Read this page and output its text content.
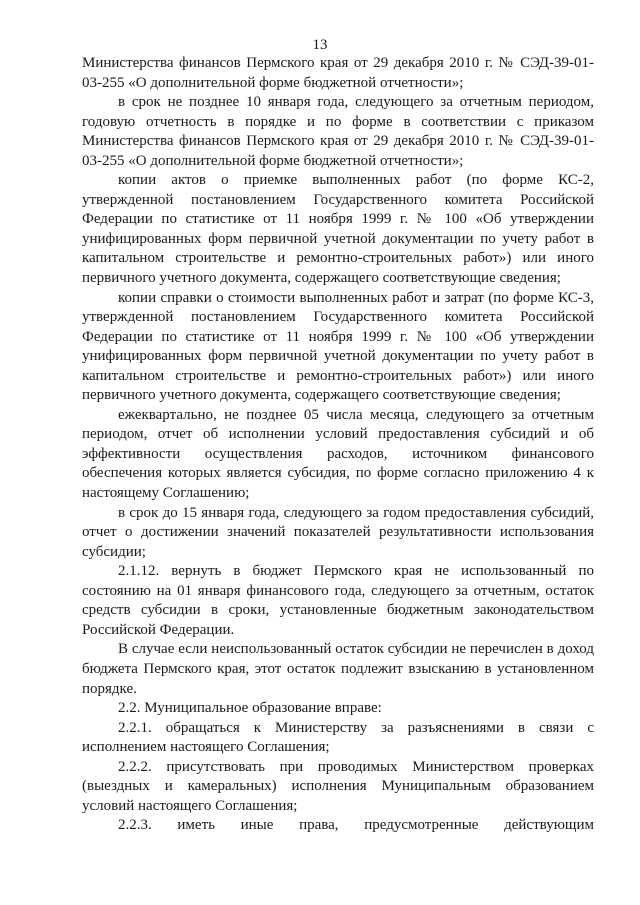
13

Министерства финансов Пермского края от 29 декабря 2010 г. № СЭД-39-01-03-255 «О дополнительной форме бюджетной отчетности»;

в срок не позднее 10 января года, следующего за отчетным периодом, годовую отчетность в порядке и по форме в соответствии с приказом Министерства финансов Пермского края от 29 декабря 2010 г. № СЭД-39-01-03-255 «О дополнительной форме бюджетной отчетности»;

копии актов о приемке выполненных работ (по форме КС-2, утвержденной постановлением Государственного комитета Российской Федерации по статистике от 11 ноября 1999 г. № 100 «Об утверждении унифицированных форм первичной учетной документации по учету работ в капитальном строительстве и ремонтно-строительных работ») или иного первичного учетного документа, содержащего соответствующие сведения;

копии справки о стоимости выполненных работ и затрат (по форме КС-3, утвержденной постановлением Государственного комитета Российской Федерации по статистике от 11 ноября 1999 г. № 100 «Об утверждении унифицированных форм первичной учетной документации по учету работ в капитальном строительстве и ремонтно-строительных работ») или иного первичного учетного документа, содержащего соответствующие сведения;

ежеквартально, не позднее 05 числа месяца, следующего за отчетным периодом, отчет об исполнении условий предоставления субсидий и об эффективности осуществления расходов, источником финансового обеспечения которых является субсидия, по форме согласно приложению 4 к настоящему Соглашению;

в срок до 15 января года, следующего за годом предоставления субсидий, отчет о достижении значений показателей результативности использования субсидии;

2.1.12. вернуть в бюджет Пермского края не использованный по состоянию на 01 января финансового года, следующего за отчетным, остаток средств субсидии в сроки, установленные бюджетным законодательством Российской Федерации.

В случае если неиспользованный остаток субсидии не перечислен в доход бюджета Пермского края, этот остаток подлежит взысканию в установленном порядке.

2.2. Муниципальное образование вправе:

2.2.1. обращаться к Министерству за разъяснениями в связи с исполнением настоящего Соглашения;

2.2.2. присутствовать при проводимых Министерством проверках (выездных и камеральных) исполнения Муниципальным образованием условий настоящего Соглашения;

2.2.3. иметь иные права, предусмотренные действующим
